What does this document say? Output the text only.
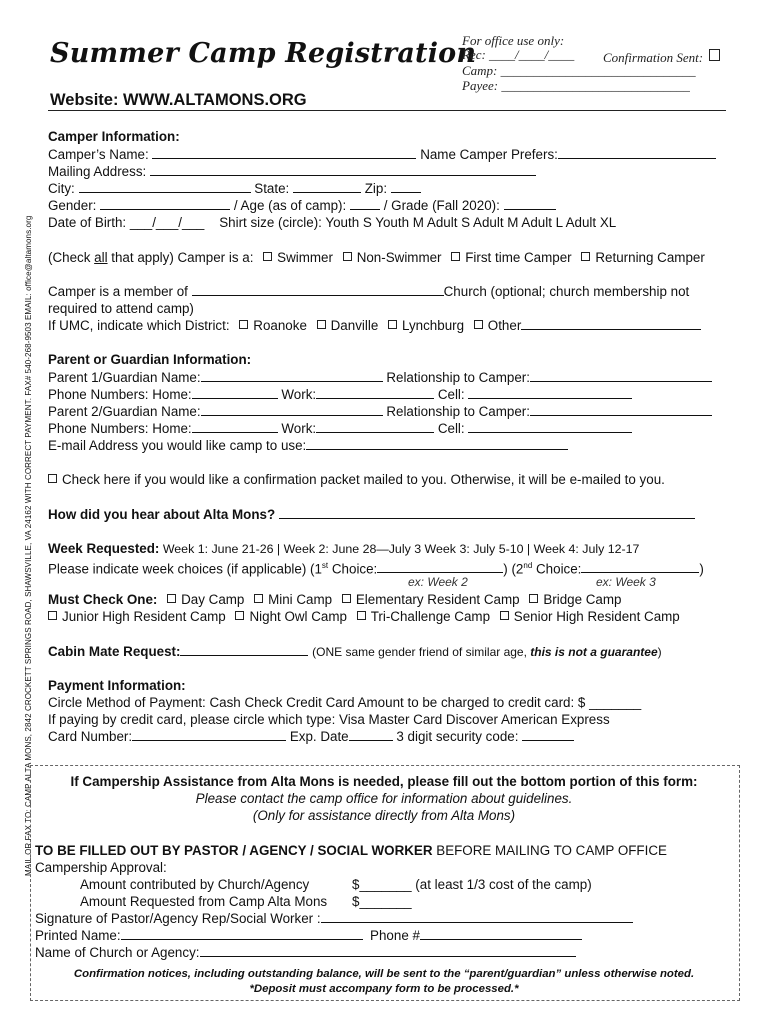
MAIL OR FAX TO: CAMP ALTA MONS, 2842 CROCKETT SPRINGS ROAD, SHAWSVILLE, VA 24162 WITH CORRECT PAYMENT. FAX# 540-268-9503 EMAIL: office@altamons.org
Summer Camp Registration
Website: WWW.ALTAMONS.ORG
For office use only:
Rec: ____/____/____
Camp: ______________________________
Payee: _____________________________
Confirmation Sent:
Camper Information:
Camper’s Name:	Name Camper Prefers:
Mailing Address:
City:	State:	Zip:
Gender:	/ Age (as of camp):	/ Grade (Fall 2020):
Date of Birth: ___/___/___ Shirt size (circle): Youth S Youth M Adult S Adult M Adult L Adult XL
(Check all that apply) Camper is a: Swimmer Non-Swimmer First time Camper Returning Camper
Camper is a member of	Church (optional; church membership not
required to attend camp)
If UMC, indicate which District: Roanoke Danville Lynchburg Other
Parent or Guardian Information:
Parent 1/Guardian Name:	Relationship to Camper:
Phone Numbers: Home:	Work:	Cell:
Parent 2/Guardian Name:	Relationship to Camper:
Phone Numbers: Home:	Work:	Cell:
E-mail Address you would like camp to use:
Check here if you would like a confirmation packet mailed to you. Otherwise, it will be e-mailed to you.
How did you hear about Alta Mons?
Week Requested: Week 1: June 21-26 | Week 2: June 28—July 3 Week 3: July 5-10 | Week 4: July 12-17
Please indicate week choices (if applicable) (1st Choice:	) (2nd Choice:	)
ex: Week 2	ex: Week 3
Must Check One: Day Camp Mini Camp Elementary Resident Camp Bridge Camp
Junior High Resident Camp Night Owl Camp Tri-Challenge Camp Senior High Resident Camp
Cabin Mate Request:	(ONE same gender friend of similar age, this is not a guarantee)
Payment Information:
Circle Method of Payment: Cash Check Credit Card Amount to be charged to credit card: $ _______
If paying by credit card, please circle which type: Visa Master Card Discover American Express
Card Number:	Exp. Date	3 digit security code:
If Campership Assistance from Alta Mons is needed, please fill out the bottom portion of this form:
Please contact the camp office for information about guidelines.
(Only for assistance directly from Alta Mons)
TO BE FILLED OUT BY PASTOR / AGENCY / SOCIAL WORKER BEFORE MAILING TO CAMP OFFICE
Campership Approval:
Amount contributed by Church/Agency	$_______ (at least 1/3 cost of the camp)
Amount Requested from Camp Alta Mons $_______
Signature of Pastor/Agency Rep/Social Worker :
Printed Name:	Phone #
Name of Church or Agency:
Confirmation notices, including outstanding balance, will be sent to the “parent/guardian” unless otherwise noted.
*Deposit must accompany form to be processed.*
